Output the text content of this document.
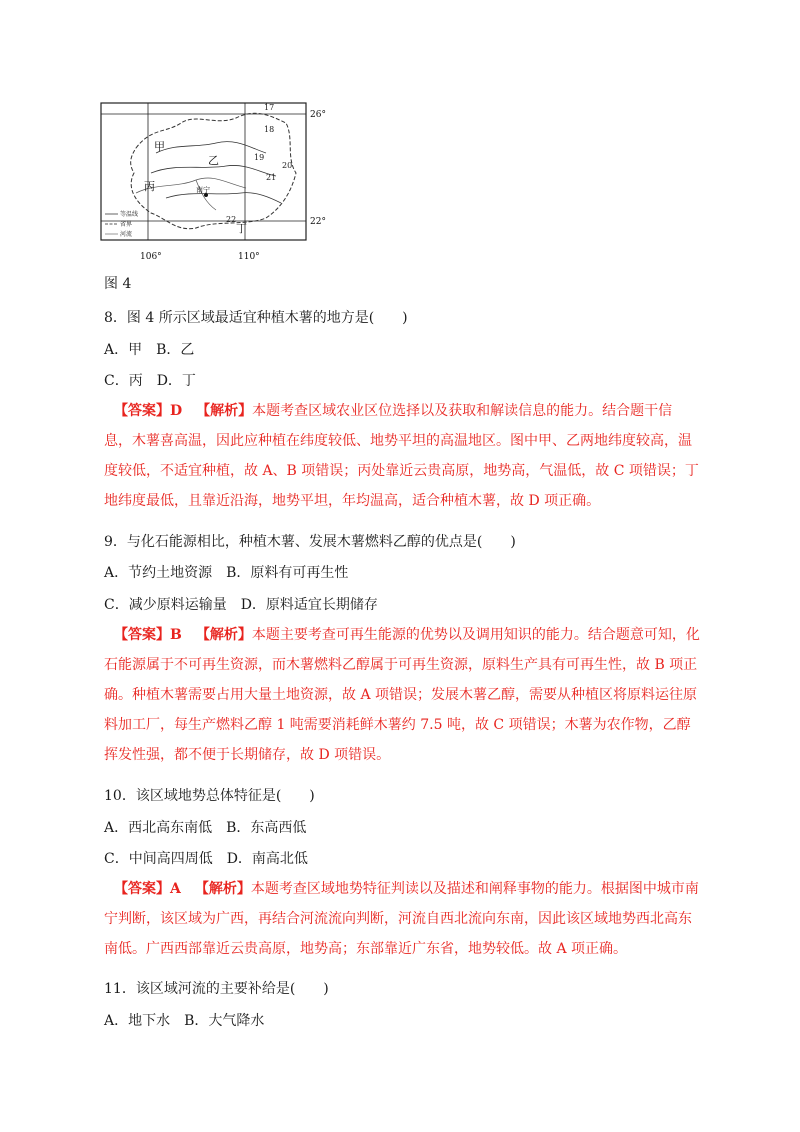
17
18
19
20
21
22
甲
乙
丙
丁
南宁
等温线
省界
河流
26°
22°
106°	110°
图 4
8．图 4 所示区域最适宜种植木薯的地方是(　　)
A．甲　B．乙
C．丙　D．丁
【答案】D 【解析】本题考查区域农业区位选择以及获取和解读信息的能力。结合题干信息，木薯喜高温，因此应种植在纬度较低、地势平坦的高温地区。图中甲、乙两地纬度较高，温度较低，不适宜种植，故 A、B 项错误；丙处靠近云贵高原，地势高，气温低，故 C 项错误；丁地纬度最低，且靠近沿海，地势平坦，年均温高，适合种植木薯，故 D 项正确。
9．与化石能源相比，种植木薯、发展木薯燃料乙醇的优点是(　　)
A．节约土地资源　B．原料有可再生性
C．减少原料运输量　D．原料适宜长期储存
【答案】B 【解析】本题主要考查可再生能源的优势以及调用知识的能力。结合题意可知，化石能源属于不可再生资源，而木薯燃料乙醇属于可再生资源，原料生产具有可再生性，故 B 项正确。种植木薯需要占用大量土地资源，故 A 项错误；发展木薯乙醇，需要从种植区将原料运往原料加工厂，每生产燃料乙醇 1 吨需要消耗鲜木薯约 7.5 吨，故 C 项错误；木薯为农作物，乙醇挥发性强，都不便于长期储存，故 D 项错误。
10．该区域地势总体特征是(　　)
A．西北高东南低　B．东高西低
C．中间高四周低　D．南高北低
【答案】A 【解析】本题考查区域地势特征判读以及描述和阐释事物的能力。根据图中城市南宁判断，该区域为广西，再结合河流流向判断，河流自西北流向东南，因此该区域地势西北高东南低。广西西部靠近云贵高原，地势高；东部靠近广东省，地势较低。故 A 项正确。
11．该区域河流的主要补给是(　　)
A．地下水　B．大气降水
